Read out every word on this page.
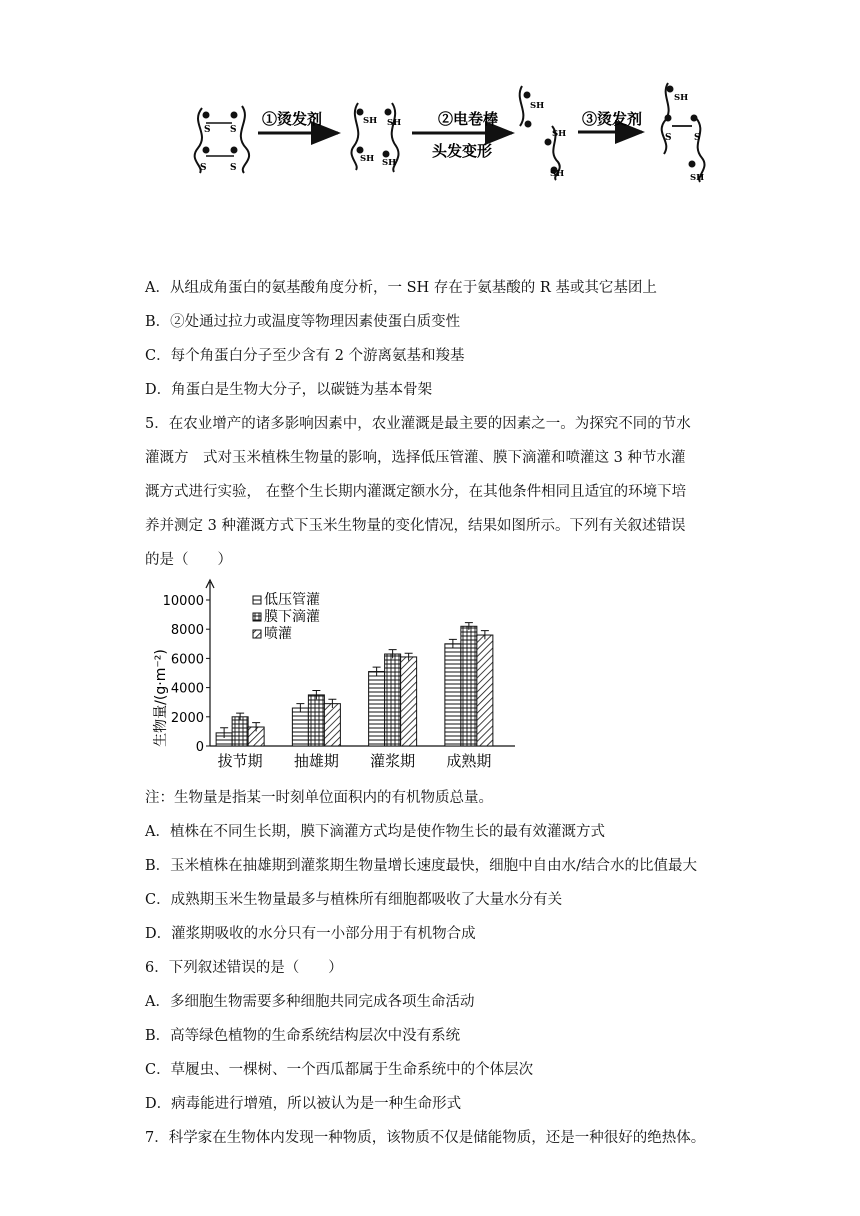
S S
S	S
①烫发剂	SH SH
SH SH
②电卷棒
头发变形
SH
SH
SH
③烫发剂
SH
S	S
SH
A．从组成角蛋白的氨基酸角度分析，一 SH 存在于氨基酸的 R 基或其它基团上
B．②处通过拉力或温度等物理因素使蛋白质变性
C．每个角蛋白分子至少含有 2 个游离氨基和羧基
D．角蛋白是生物大分子，以碳链为基本骨架
5．在农业增产的诸多影响因素中，农业灌溉是最主要的因素之一。为探究不同的节水
灌溉方　式对玉米植株生物量的影响，选择低压管灌、膜下滴灌和喷灌这 3 种节水灌
溉方式进行实验， 在整个生长期内灌溉定额水分，在其他条件相同且适宜的环境下培
养并测定 3 种灌溉方式下玉米生物量的变化情况，结果如图所示。下列有关叙述错误
的是（　　）
生物量/(g·m⁻²)
0
2000
4000
6000
8000
10000
拔节期 抽雄期 灌浆期 成熟期
低压管灌
膜下滴灌
喷灌
注：生物量是指某一时刻单位面积内的有机物质总量。
A．植株在不同生长期，膜下滴灌方式均是使作物生长的最有效灌溉方式
B．玉米植株在抽雄期到灌浆期生物量增长速度最快，细胞中自由水/结合水的比值最大
C．成熟期玉米生物量最多与植株所有细胞都吸收了大量水分有关
D．灌浆期吸收的水分只有一小部分用于有机物合成
6．下列叙述错误的是（　　）
A．多细胞生物需要多种细胞共同完成各项生命活动
B．高等绿色植物的生命系统结构层次中没有系统
C．草履虫、一棵树、一个西瓜都属于生命系统中的个体层次
D．病毒能进行增殖，所以被认为是一种生命形式
7．科学家在生物体内发现一种物质，该物质不仅是储能物质，还是一种很好的绝热体。
